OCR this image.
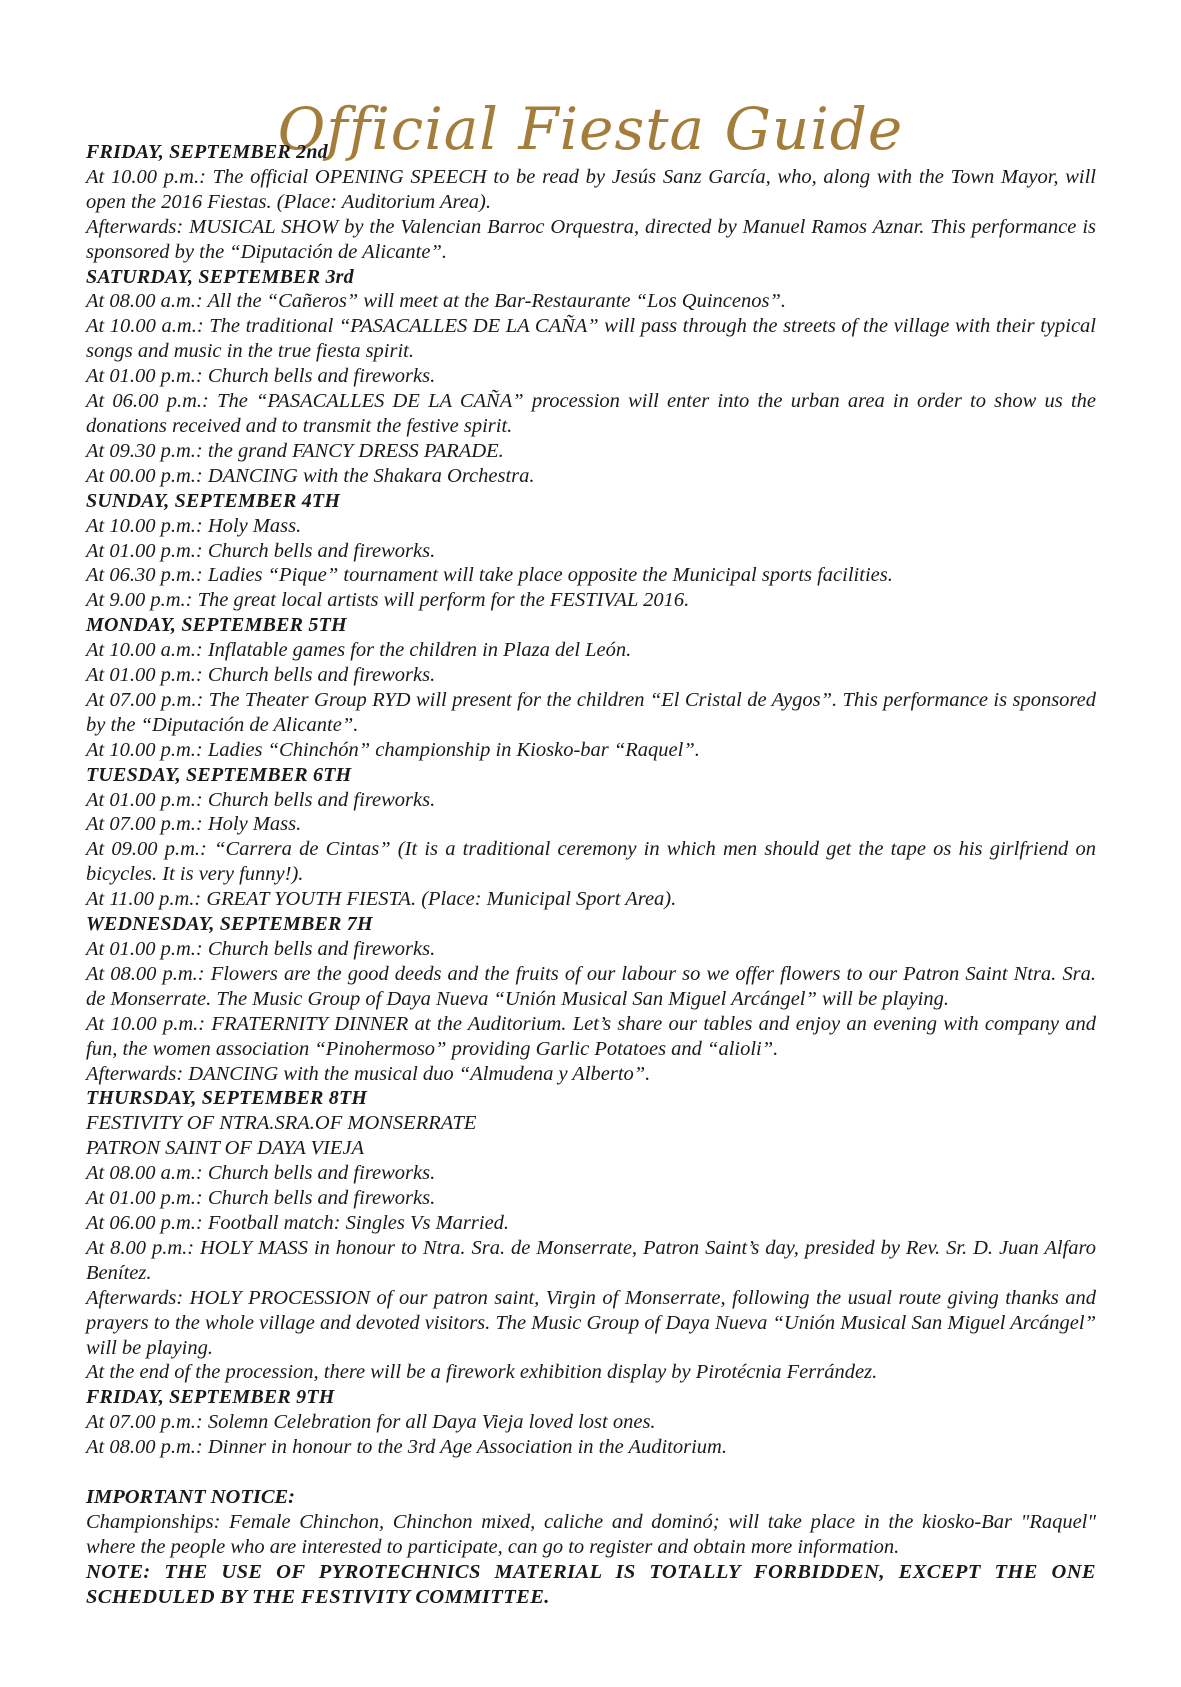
Official Fiesta Guide

FRIDAY, SEPTEMBER 2nd

At 10.00 p.m.: The official OPENING SPEECH to be read by Jesús Sanz García, who, along with the Town Mayor, will open the 2016 Fiestas. (Place: Auditorium Area).

Afterwards: MUSICAL SHOW by the Valencian Barroc Orquestra, directed by Manuel Ramos Aznar. This performance is sponsored by the “Diputación de Alicante”.

SATURDAY, SEPTEMBER 3rd

At 08.00 a.m.: All the “Cañeros” will meet at the Bar-Restaurante “Los Quincenos”.

At 10.00 a.m.: The traditional “PASACALLES DE LA CAÑA” will pass through the streets of the village with their typical songs and music in the true fiesta spirit.

At 01.00 p.m.: Church bells and fireworks.

At 06.00 p.m.: The “PASACALLES DE LA CAÑA” procession will enter into the urban area in order to show us the donations received and to transmit the festive spirit.

At 09.30 p.m.: the grand FANCY DRESS PARADE.

At 00.00 p.m.: DANCING with the Shakara Orchestra.

SUNDAY, SEPTEMBER 4TH

At 10.00 p.m.: Holy Mass.

At 01.00 p.m.: Church bells and fireworks.

At 06.30 p.m.: Ladies “Pique” tournament will take place opposite the Municipal sports facilities.

At 9.00 p.m.: The great local artists will perform for the FESTIVAL 2016.

MONDAY, SEPTEMBER 5TH

At 10.00 a.m.: Inflatable games for the children in Plaza del León.

At 01.00 p.m.: Church bells and fireworks.

At 07.00 p.m.: The Theater Group RYD will present for the children “El Cristal de Aygos”. This performance is sponsored by the “Diputación de Alicante”.

At 10.00 p.m.: Ladies “Chinchón” championship in Kiosko-bar “Raquel”.

TUESDAY, SEPTEMBER 6TH

At 01.00 p.m.: Church bells and fireworks.

At 07.00 p.m.: Holy Mass.

At 09.00 p.m.: “Carrera de Cintas” (It is a traditional ceremony in which men should get the tape os his girlfriend on bicycles. It is very funny!).

At 11.00 p.m.: GREAT YOUTH FIESTA. (Place: Municipal Sport Area).

WEDNESDAY, SEPTEMBER 7H

At 01.00 p.m.: Church bells and fireworks.

At 08.00 p.m.: Flowers are the good deeds and the fruits of our labour so we offer flowers to our Patron Saint Ntra. Sra. de Monserrate. The Music Group of Daya Nueva “Unión Musical San Miguel Arcángel” will be playing.

At 10.00 p.m.: FRATERNITY DINNER at the Auditorium. Let’s share our tables and enjoy an evening with company and fun, the women association “Pinohermoso” providing Garlic Potatoes and “alioli”.

Afterwards: DANCING with the musical duo “Almudena y Alberto”.

THURSDAY, SEPTEMBER 8TH

FESTIVITY OF NTRA.SRA.OF MONSERRATE

PATRON SAINT OF DAYA VIEJA

At 08.00 a.m.: Church bells and fireworks.

At 01.00 p.m.: Church bells and fireworks.

At 06.00 p.m.: Football match: Singles Vs Married.

At 8.00 p.m.: HOLY MASS in honour to Ntra. Sra. de Monserrate, Patron Saint’s day, presided by Rev. Sr. D. Juan Alfaro Benítez.

Afterwards: HOLY PROCESSION of our patron saint, Virgin of Monserrate, following the usual route giving thanks and prayers to the whole village and devoted visitors. The Music Group of Daya Nueva “Unión Musical San Miguel Arcángel” will be playing.

At the end of the procession, there will be a firework exhibition display by Pirotécnia Ferrández.

FRIDAY, SEPTEMBER 9TH

At 07.00 p.m.: Solemn Celebration for all Daya Vieja loved lost ones.

At 08.00 p.m.: Dinner in honour to the 3rd Age Association in the Auditorium.

IMPORTANT NOTICE:

Championships: Female Chinchon, Chinchon mixed, caliche and dominó; will take place in the kiosko-Bar "Raquel" where the people who are interested to participate, can go to register and obtain more information.

NOTE: THE USE OF PYROTECHNICS MATERIAL IS TOTALLY FORBIDDEN, EXCEPT THE ONE SCHEDULED BY THE FESTIVITY COMMITTEE.
